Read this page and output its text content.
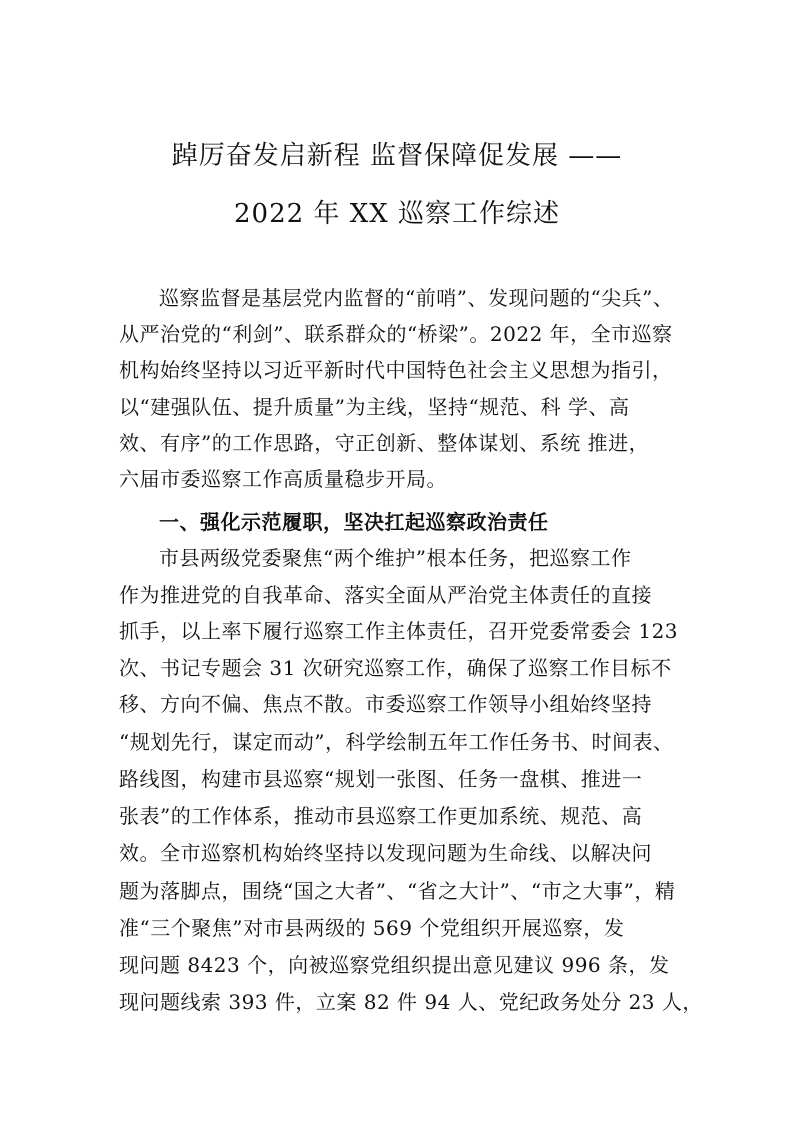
踔厉奋发启新程 监督保障促发展 ——
2022 年 XX 巡察工作综述
巡察监督是基层党内监督的“前哨”、发现问题的“尖兵”、
从严治党的“利剑”、联系群众的“桥梁”。2022 年，全市巡察
机构始终坚持以习近平新时代中国特色社会主义思想为指引，
以“建强队伍、提升质量”为主线，坚持“规范、科 学、高
效、有序”的工作思路，守正创新、整体谋划、系统 推进，
六届市委巡察工作高质量稳步开局。
一、强化示范履职，坚决扛起巡察政治责任
市县两级党委聚焦“两个维护”根本任务，把巡察工作
作为推进党的自我革命、落实全面从严治党主体责任的直接
抓手，以上率下履行巡察工作主体责任，召开党委常委会 123
次、书记专题会 31 次研究巡察工作，确保了巡察工作目标不
移、方向不偏、焦点不散。市委巡察工作领导小组始终坚持
“规划先行，谋定而动”，科学绘制五年工作任务书、时间表、
路线图，构建市县巡察“规划一张图、任务一盘棋、推进一
张表”的工作体系，推动市县巡察工作更加系统、规范、高
效。全市巡察机构始终坚持以发现问题为生命线、以解决问
题为落脚点，围绕“国之大者”、“省之大计”、“市之大事”，精
准“三个聚焦”对市县两级的 569 个党组织开展巡察，发
现问题 8423 个，向被巡察党组织提出意见建议 996 条，发
现问题线索 393 件，立案 82 件 94 人、党纪政务处分 23 人，
